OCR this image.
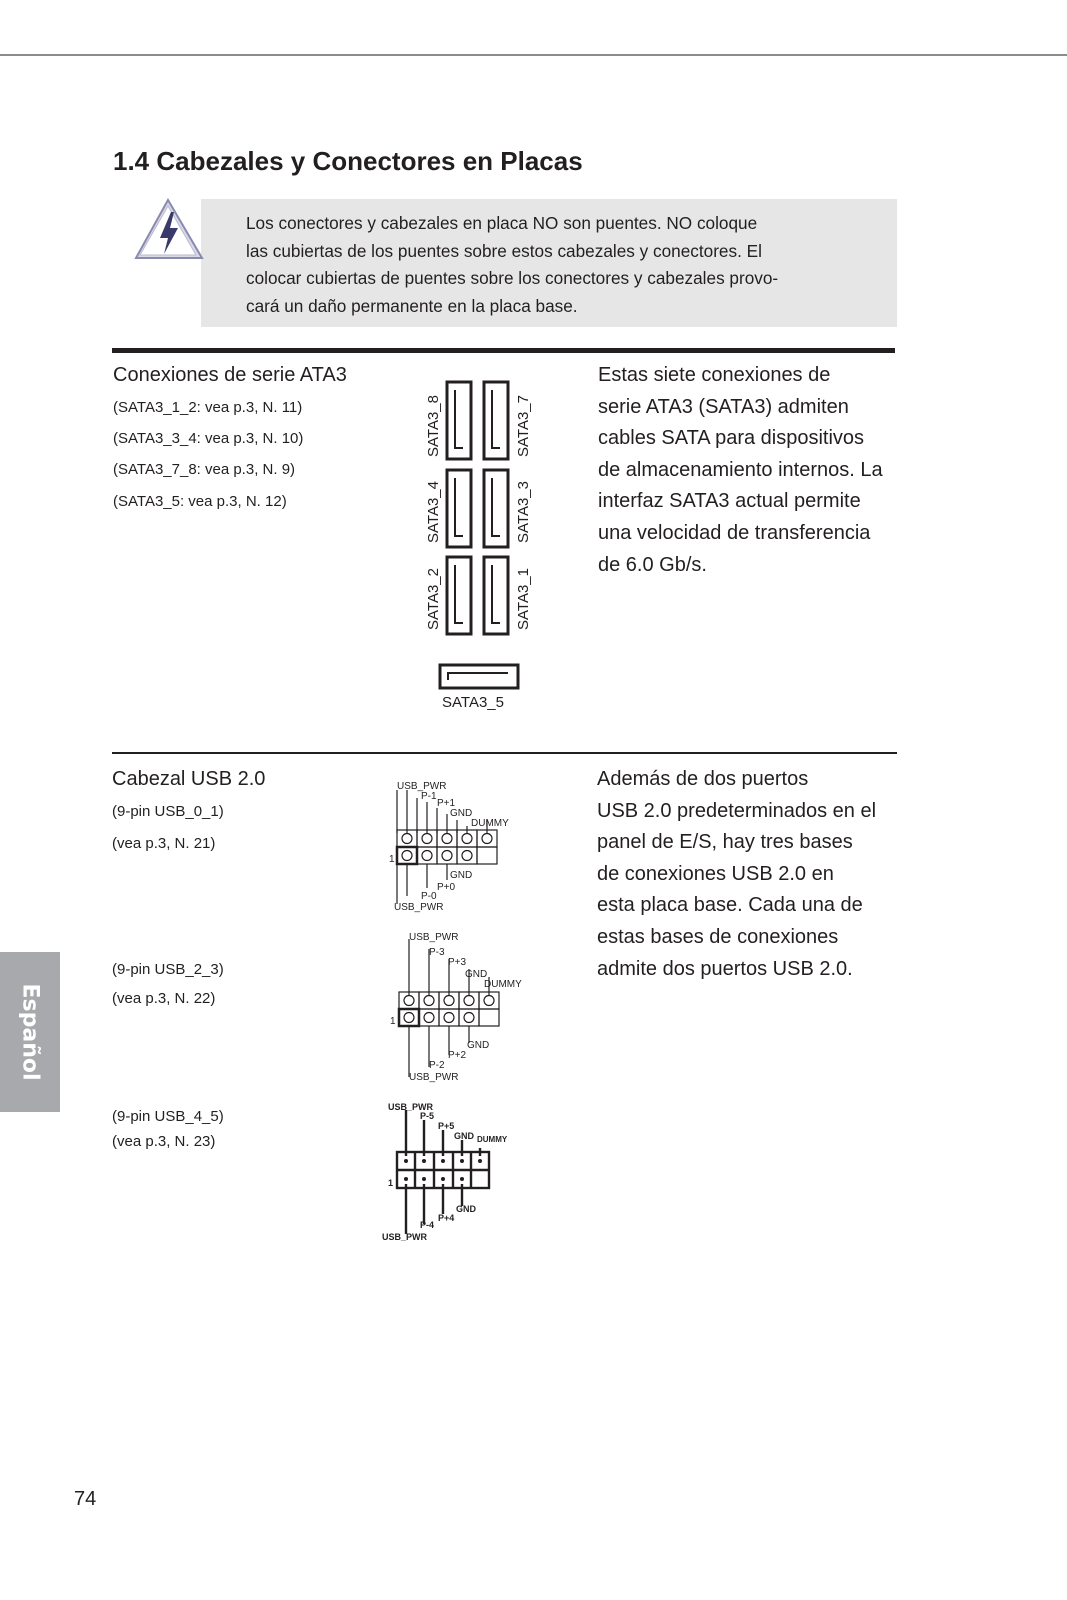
1.4 Cabezales y Conectores en Placas
Los conectores y cabezales en placa NO son puentes. NO coloque
las cubiertas de los puentes sobre estos cabezales y conectores. El
colocar cubiertas de puentes sobre los conectores y cabezales provo-
cará un daño permanente en la placa base.
Conexiones de serie ATA3
(SATA3_1_2: vea p.3, N. 11)
(SATA3_3_4: vea p.3, N. 10)
(SATA3_7_8: vea p.3, N. 9)
(SATA3_5: vea p.3, N. 12)
SATA3_8
SATA3_4
SATA3_2
SATA3_7
SATA3_3
SATA3_1
SATA3_5
Estas siete conexiones de
serie ATA3 (SATA3) admiten
cables SATA para dispositivos
de almacenamiento internos. La
interfaz SATA3 actual permite
una velocidad de transferencia
de 6.0 Gb/s.
Cabezal USB 2.0
(9-pin USB_0_1)
(vea p.3, N. 21)
(9-pin USB_2_3)
(vea p.3, N. 22)
(9-pin USB_4_5)
(vea p.3, N. 23)
USB_PWR
P-1
P+1
GND
DUMMY
1
GND
P+0
P-0
USB_PWR
USB_PWR
P-3
P+3
GND
DUMMY
1
GND
P+2
P-2
USB_PWR
USB_PWR
P-5
P+5
GND DUMMY
1
GND
P+4
P-4
USB_PWR
Además de dos puertos
USB 2.0 predeterminados en el
panel de E/S, hay tres bases
de conexiones USB 2.0 en
esta placa base. Cada una de
estas bases de conexiones
admite dos puertos USB 2.0.
Español
74
